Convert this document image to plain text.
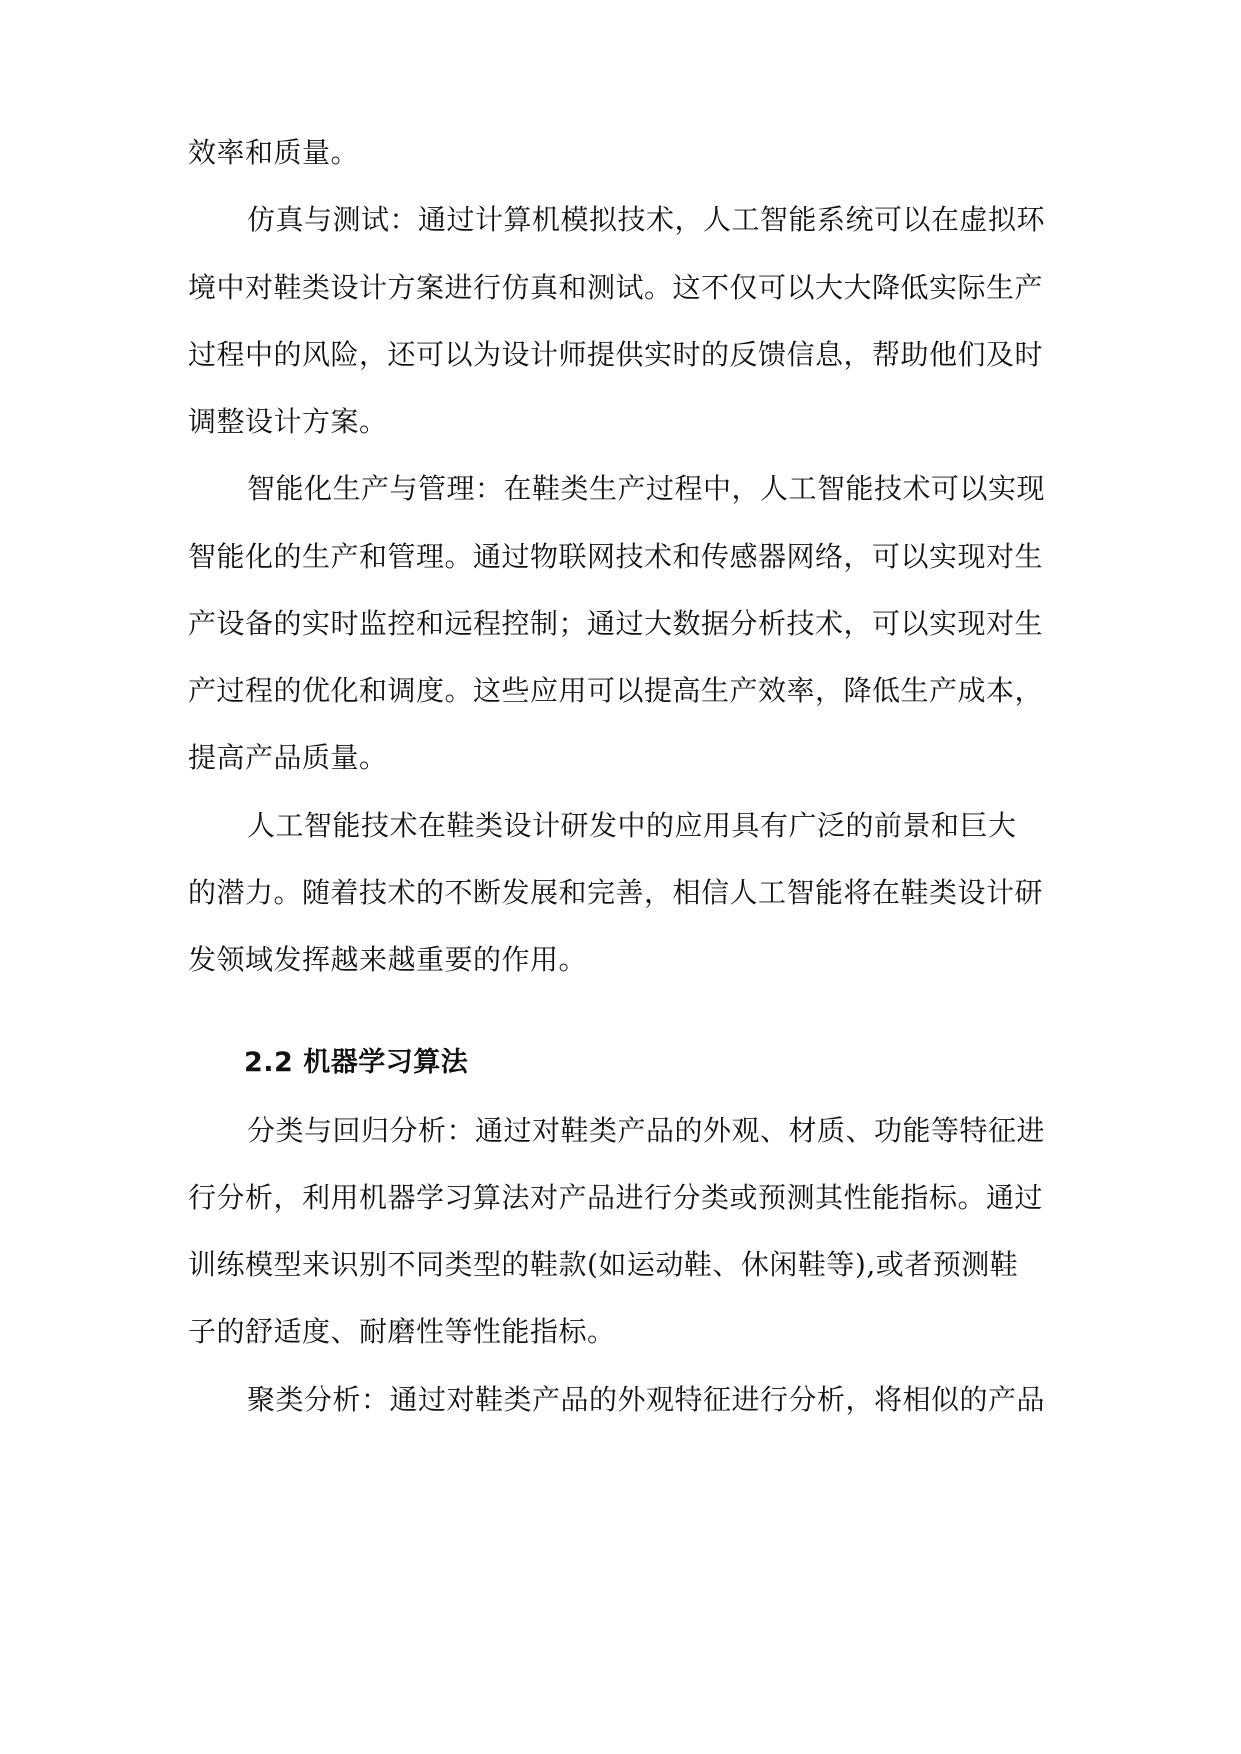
效率和质量。
仿真与测试：通过计算机模拟技术，人工智能系统可以在虚拟环
境中对鞋类设计方案进行仿真和测试。这不仅可以大大降低实际生产
过程中的风险，还可以为设计师提供实时的反馈信息，帮助他们及时
调整设计方案。
智能化生产与管理：在鞋类生产过程中，人工智能技术可以实现
智能化的生产和管理。通过物联网技术和传感器网络，可以实现对生
产设备的实时监控和远程控制；通过大数据分析技术，可以实现对生
产过程的优化和调度。这些应用可以提高生产效率，降低生产成本，
提高产品质量。
人工智能技术在鞋类设计研发中的应用具有广泛的前景和巨大
的潜力。随着技术的不断发展和完善，相信人工智能将在鞋类设计研
发领域发挥越来越重要的作用。
2.2 机器学习算法
分类与回归分析：通过对鞋类产品的外观、材质、功能等特征进
行分析，利用机器学习算法对产品进行分类或预测其性能指标。通过
训练模型来识别不同类型的鞋款(如运动鞋、休闲鞋等),或者预测鞋
子的舒适度、耐磨性等性能指标。
聚类分析：通过对鞋类产品的外观特征进行分析，将相似的产品
